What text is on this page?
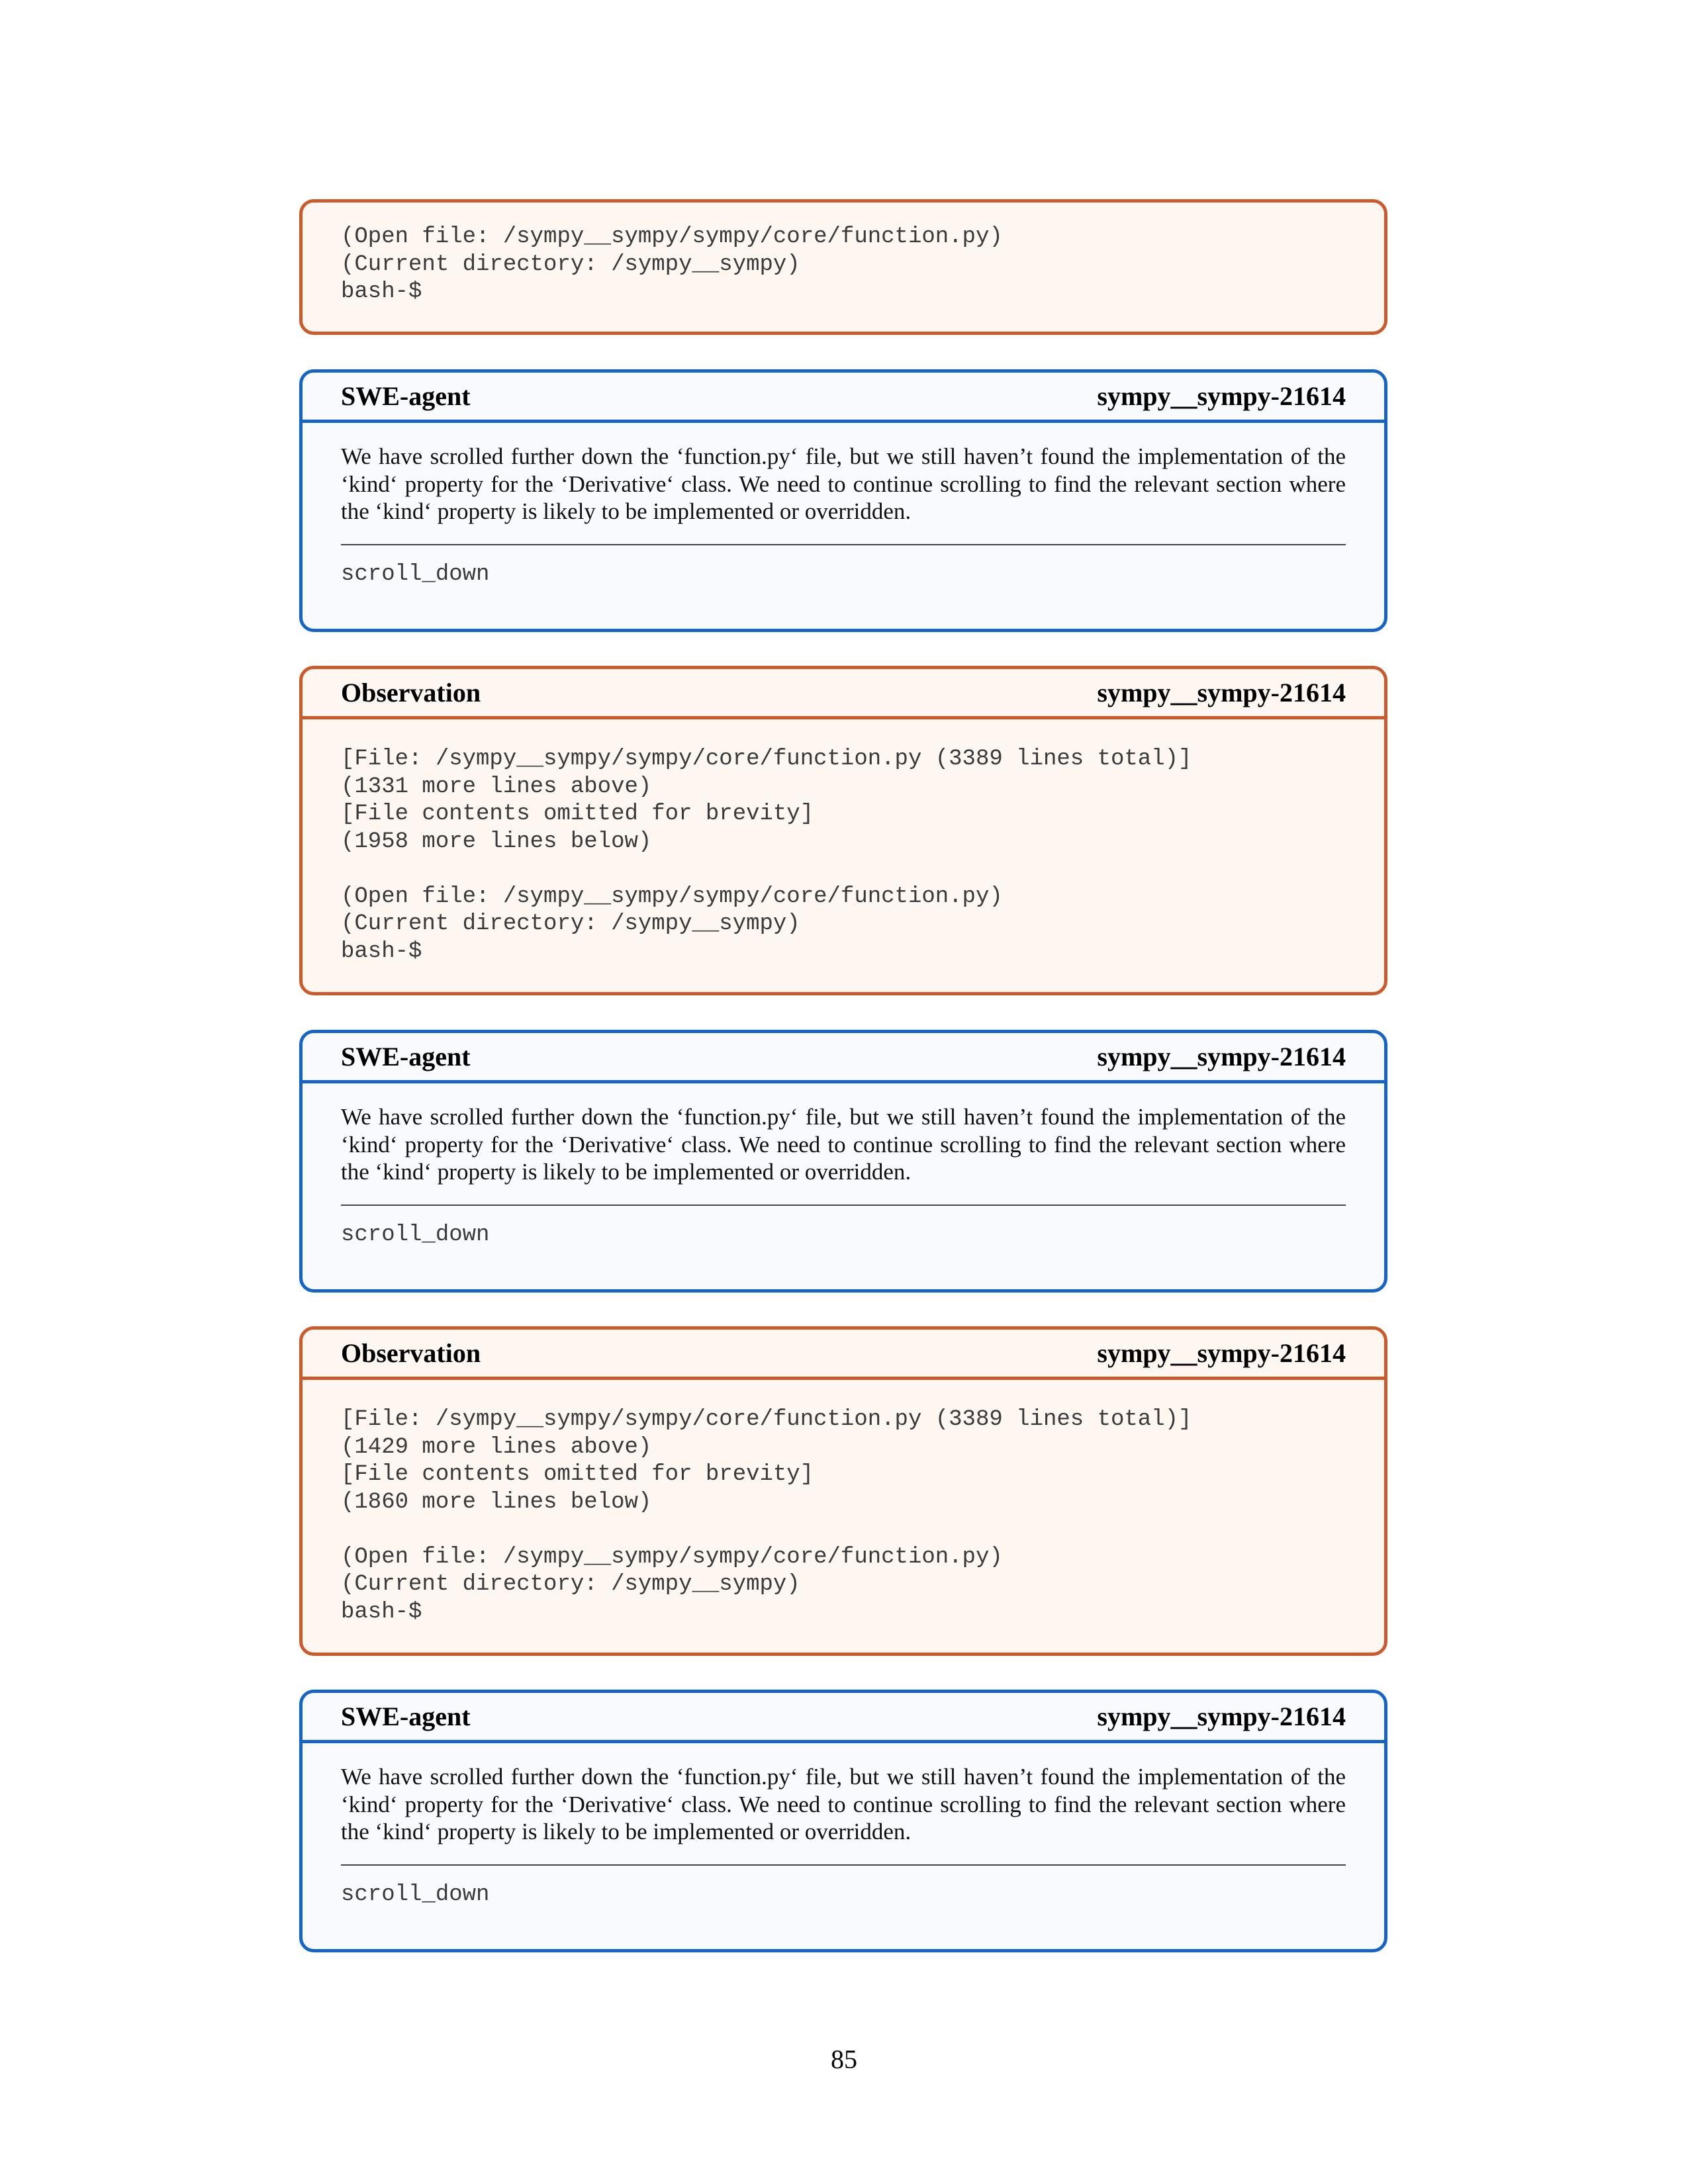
(Open file: /sympy__sympy/sympy/core/function.py)
(Current directory: /sympy__sympy)
bash-$
SWE-agent	sympy__sympy-21614

We have scrolled further down the ‘function.py‘ file, but we still haven’t found the implementation of the ‘kind‘ property for the ‘Derivative‘ class. We need to continue scrolling to find the relevant section where the ‘kind‘ property is likely to be implemented or overridden.

scroll_down
Observation	sympy__sympy-21614
[File: /sympy__sympy/sympy/core/function.py (3389 lines total)]
(1331 more lines above)
[File contents omitted for brevity]
(1958 more lines below)

(Open file: /sympy__sympy/sympy/core/function.py)
(Current directory: /sympy__sympy)
bash-$
SWE-agent	sympy__sympy-21614

We have scrolled further down the ‘function.py‘ file, but we still haven’t found the implementation of the ‘kind‘ property for the ‘Derivative‘ class. We need to continue scrolling to find the relevant section where the ‘kind‘ property is likely to be implemented or overridden.

scroll_down
Observation	sympy__sympy-21614
[File: /sympy__sympy/sympy/core/function.py (3389 lines total)]
(1429 more lines above)
[File contents omitted for brevity]
(1860 more lines below)

(Open file: /sympy__sympy/sympy/core/function.py)
(Current directory: /sympy__sympy)
bash-$
SWE-agent	sympy__sympy-21614

We have scrolled further down the ‘function.py‘ file, but we still haven’t found the implementation of the ‘kind‘ property for the ‘Derivative‘ class. We need to continue scrolling to find the relevant section where the ‘kind‘ property is likely to be implemented or overridden.

scroll_down
85
